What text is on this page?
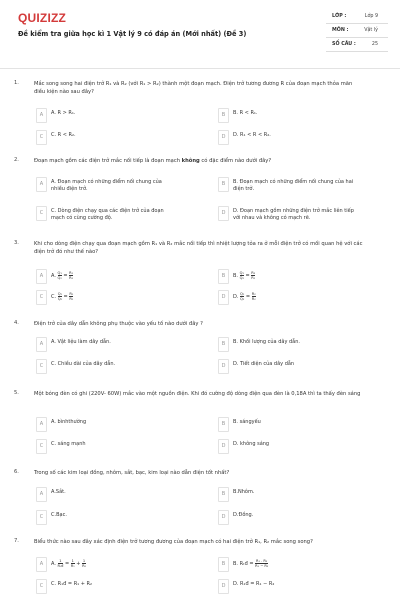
QUIZIZZ
Đề kiểm tra giữa học kì 1 Vật lý 9 có đáp án (Mới nhất) (Đề 3)
LỚP :	Lớp 9
MÔN :	Vật lý
SỐ CÂU :	25
1.	Mắc song song hai điện trở R₁ và R₂ (với R₁ > R₂) thành một đoạn mạch. Điện trở tương đương R của đoạn mạch thỏa mãn điều kiện nào sau đây?
A	A. R > R₁.	B	B. R < R₁.
C	C. R < R₂.	D	D. R₁ < R < R₂.
2.	Đoạn mạch gồm các điện trở mắc nối tiếp là đoạn mạch không có đặc điểm nào dưới đây?
A	A. Đoạn mạch có những điểm nối chung của nhiều điện trở.
B	B. Đoạn mạch có những điểm nối chung của hai điện trở.
C	C. Dòng điện chạy qua các điện trở của đoạn mạch có cùng cường độ.
D	D. Đoạn mạch gồm những điện trở mắc liên tiếp với nhau và không có mạch rẽ.
3.	Khi cho dòng điện chạy qua đoạn mạch gồm R₁ và R₂ mắc nối tiếp thì nhiệt lượng tỏa ra ở mỗi điện trở có mối quan hệ với các điện trở đó như thế nào?
A	A. $\frac{\text{Q₁}}{\text{Q₂}} = \frac{\text{R₁}}{\text{R₂}}$	B	B. $\frac{\text{Q₁}}{\text{Q₂}} = \frac{\text{R₂}}{\text{R₁}}$
C	C. $\frac{\text{Q₁}}{\text{Q₂}} = \frac{\text{R₁}}{\text{R₁}}$	D	D. $\frac{\text{Q₁}}{\text{Q₂}} = \frac{\text{R₂}}{\text{R₂}}$
4.	Điện trở của dây dẫn không phụ thuộc vào yếu tố nào dưới đây ?
A	A. Vật liệu làm dây dẫn.	B	B. Khối lượng của dây dẫn.
C	C. Chiều dài của dây dẫn.	D	D. Tiết diện của dây dẫn
5.	Một bóng đèn có ghi (220V- 60W) mắc vào một nguồn điện. Khi đó cường độ dòng điện qua đèn là 0,18A thì ta thấy đèn sáng
A	A. bìnhthường	B	B. sángyếu
C	C. sáng mạnh	D	D. không sáng
6.	Trong số các kim loại đồng, nhôm, sắt, bạc, kim loại nào dẫn điện tốt nhất?
A	A.Sắt.	B	B.Nhôm.
C	C.Bạc.	D	D.Đồng.
7.	Biểu thức nào sau đây xác định điện trở tương đương của đoạn mạch có hai điện trở R₁, R₂ mắc song song?
A	A. $\frac{1}{\text{Rₜđ}} = \frac{1}{\text{R₁}} + \frac{1}{\text{R₂}}$	B	B. Rₜđ = $\frac{\text{R₁ . R₂}}{\text{R₁ − R₂}}$
C	C. R₁đ = R₁ + R₂	D	D. R₁đ = R₁ − R₂
